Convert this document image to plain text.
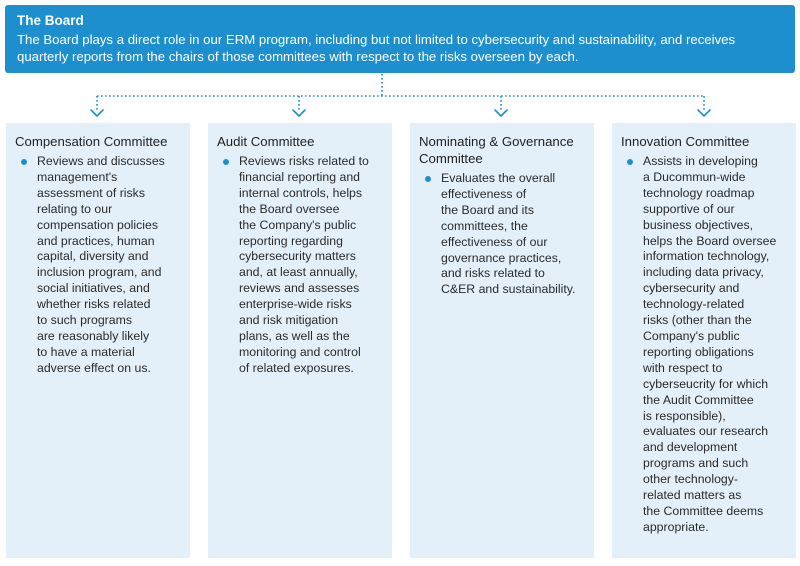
The Board
The Board plays a direct role in our ERM program, including but not limited to cybersecurity and sustainability, and receives
quarterly reports from the chairs of those committees with respect to the risks overseen by each.
Compensation Committee
Reviews and discusses
management's
assessment of risks
relating to our
compensation policies
and practices, human
capital, diversity and
inclusion program, and
social initiatives, and
whether risks related
to such programs
are reasonably likely
to have a material
adverse effect on us.
Audit Committee
Reviews risks related to
financial reporting and
internal controls, helps
the Board oversee
the Company's public
reporting regarding
cybersecurity matters
and, at least annually,
reviews and assesses
enterprise-wide risks
and risk mitigation
plans, as well as the
monitoring and control
of related exposures.
Nominating & Governance
Committee
Evaluates the overall
effectiveness of
the Board and its
committees, the
effectiveness of our
governance practices,
and risks related to
C&ER and sustainability.
Innovation Committee
Assists in developing
a Ducommun-wide
technology roadmap
supportive of our
business objectives,
helps the Board oversee
information technology,
including data privacy,
cybersecurity and
technology-related
risks (other than the
Company's public
reporting obligations
with respect to
cyberseucrity for which
the Audit Committee
is responsible),
evaluates our research
and development
programs and such
other technology-
related matters as
the Committee deems
appropriate.
